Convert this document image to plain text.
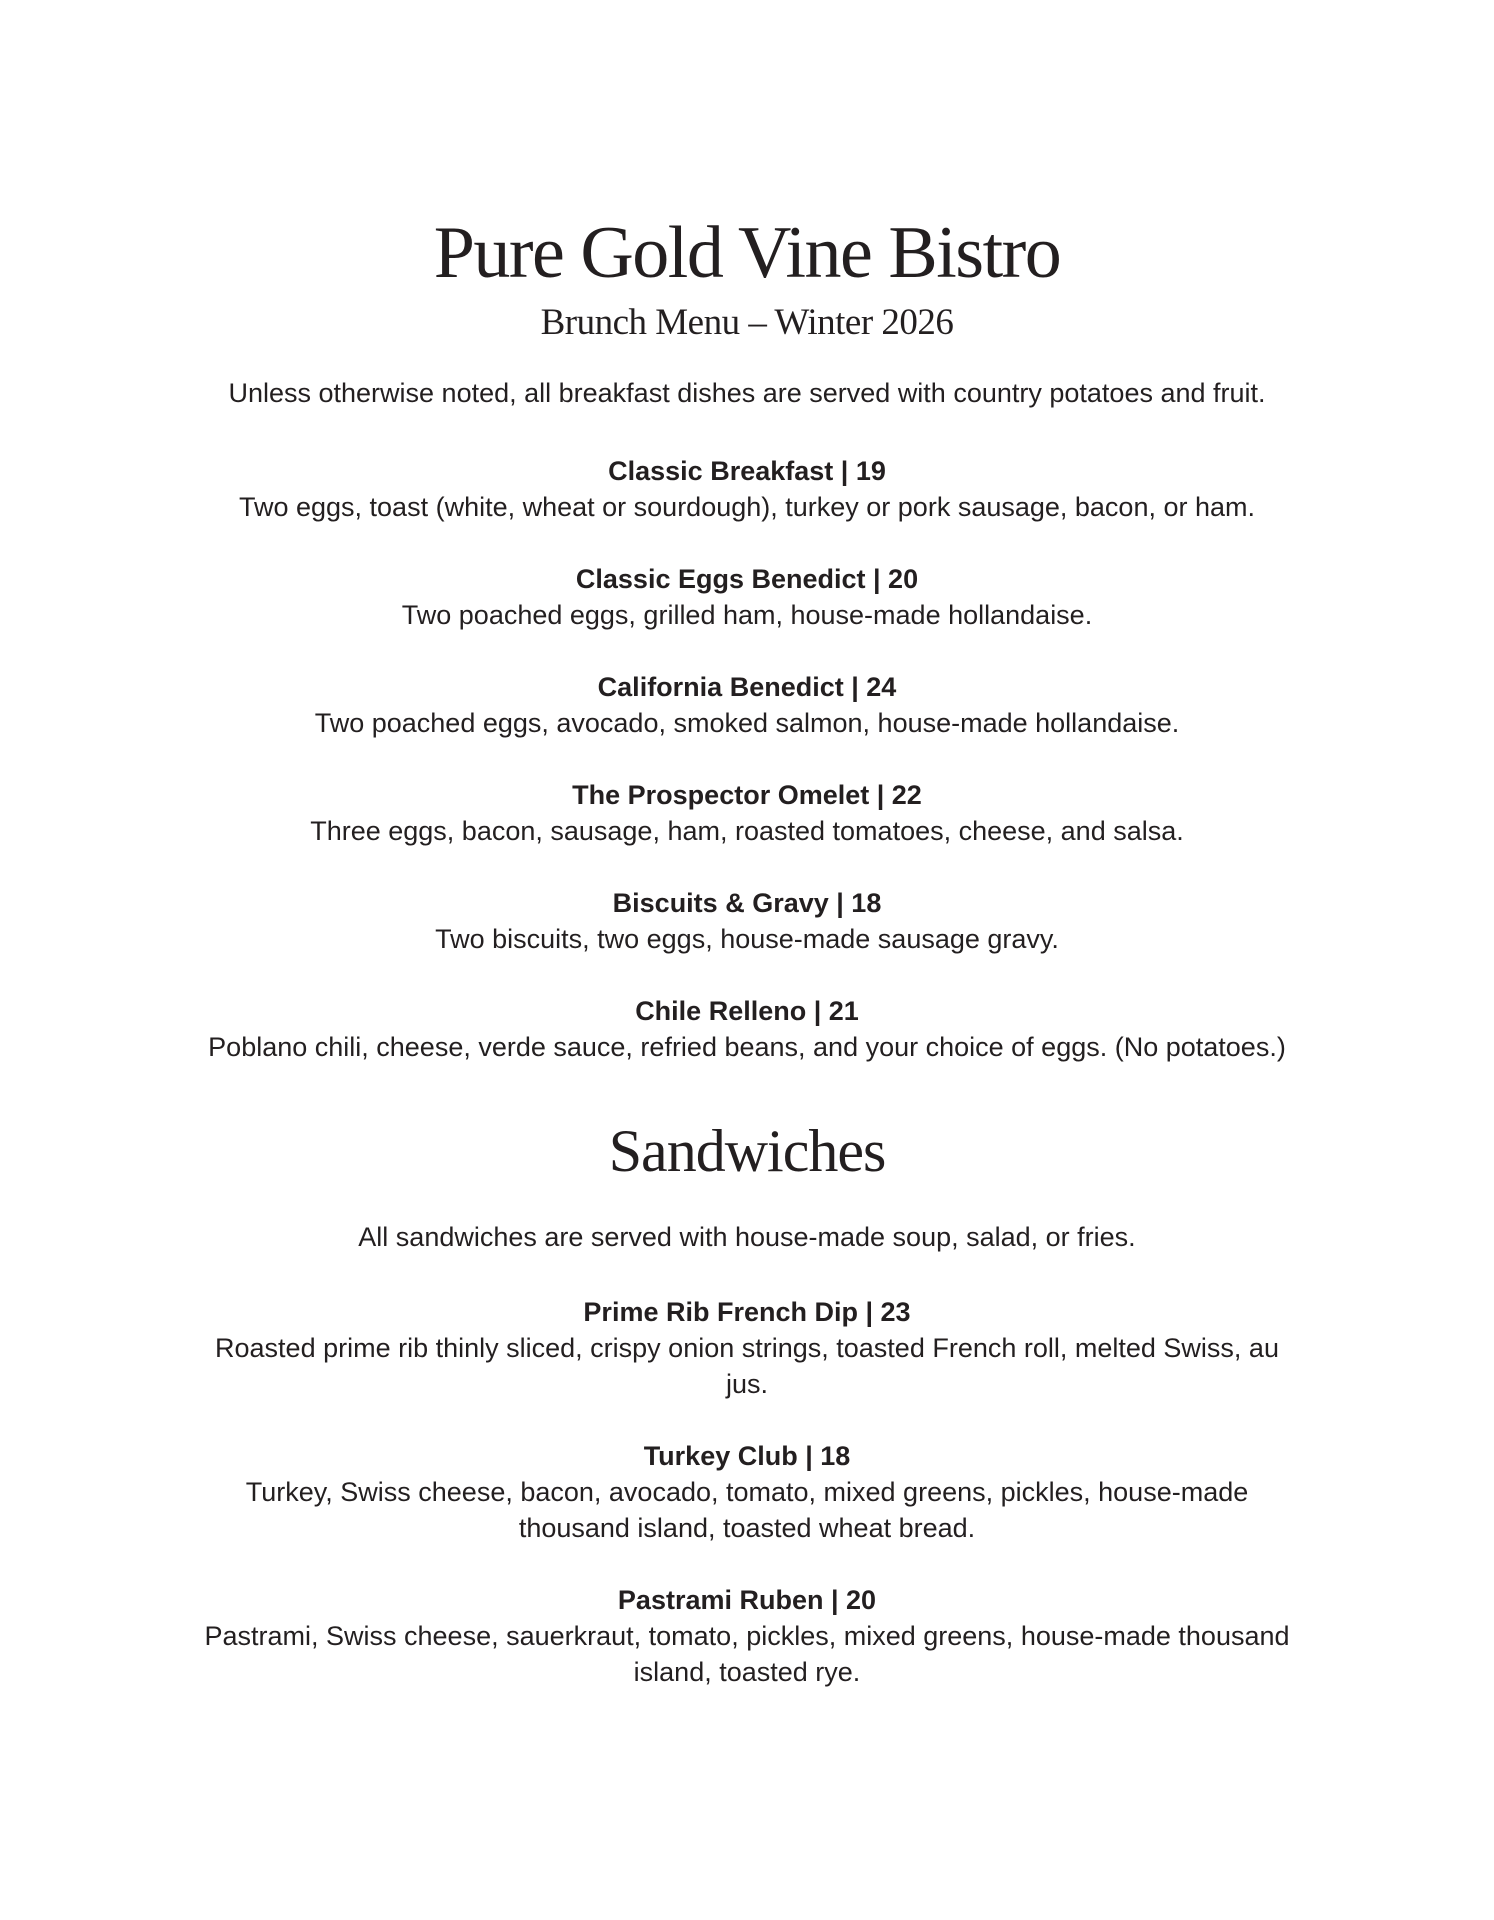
Pure Gold Vine Bistro

Brunch Menu – Winter 2026

Unless otherwise noted, all breakfast dishes are served with country potatoes and fruit.

Classic Breakfast | 19

Two eggs, toast (white, wheat or sourdough), turkey or pork sausage, bacon, or ham.

Classic Eggs Benedict | 20

Two poached eggs, grilled ham, house-made hollandaise.

California Benedict | 24

Two poached eggs, avocado, smoked salmon, house-made hollandaise.

The Prospector Omelet | 22

Three eggs, bacon, sausage, ham, roasted tomatoes, cheese, and salsa.

Biscuits & Gravy | 18

Two biscuits, two eggs, house-made sausage gravy.

Chile Relleno | 21

Poblano chili, cheese, verde sauce, refried beans, and your choice of eggs. (No potatoes.)

Sandwiches

All sandwiches are served with house-made soup, salad, or fries.

Prime Rib French Dip | 23

Roasted prime rib thinly sliced, crispy onion strings, toasted French roll, melted Swiss, au jus.

Turkey Club | 18

Turkey, Swiss cheese, bacon, avocado, tomato, mixed greens, pickles, house-made thousand island, toasted wheat bread.

Pastrami Ruben | 20

Pastrami, Swiss cheese, sauerkraut, tomato, pickles, mixed greens, house-made thousand island, toasted rye.
